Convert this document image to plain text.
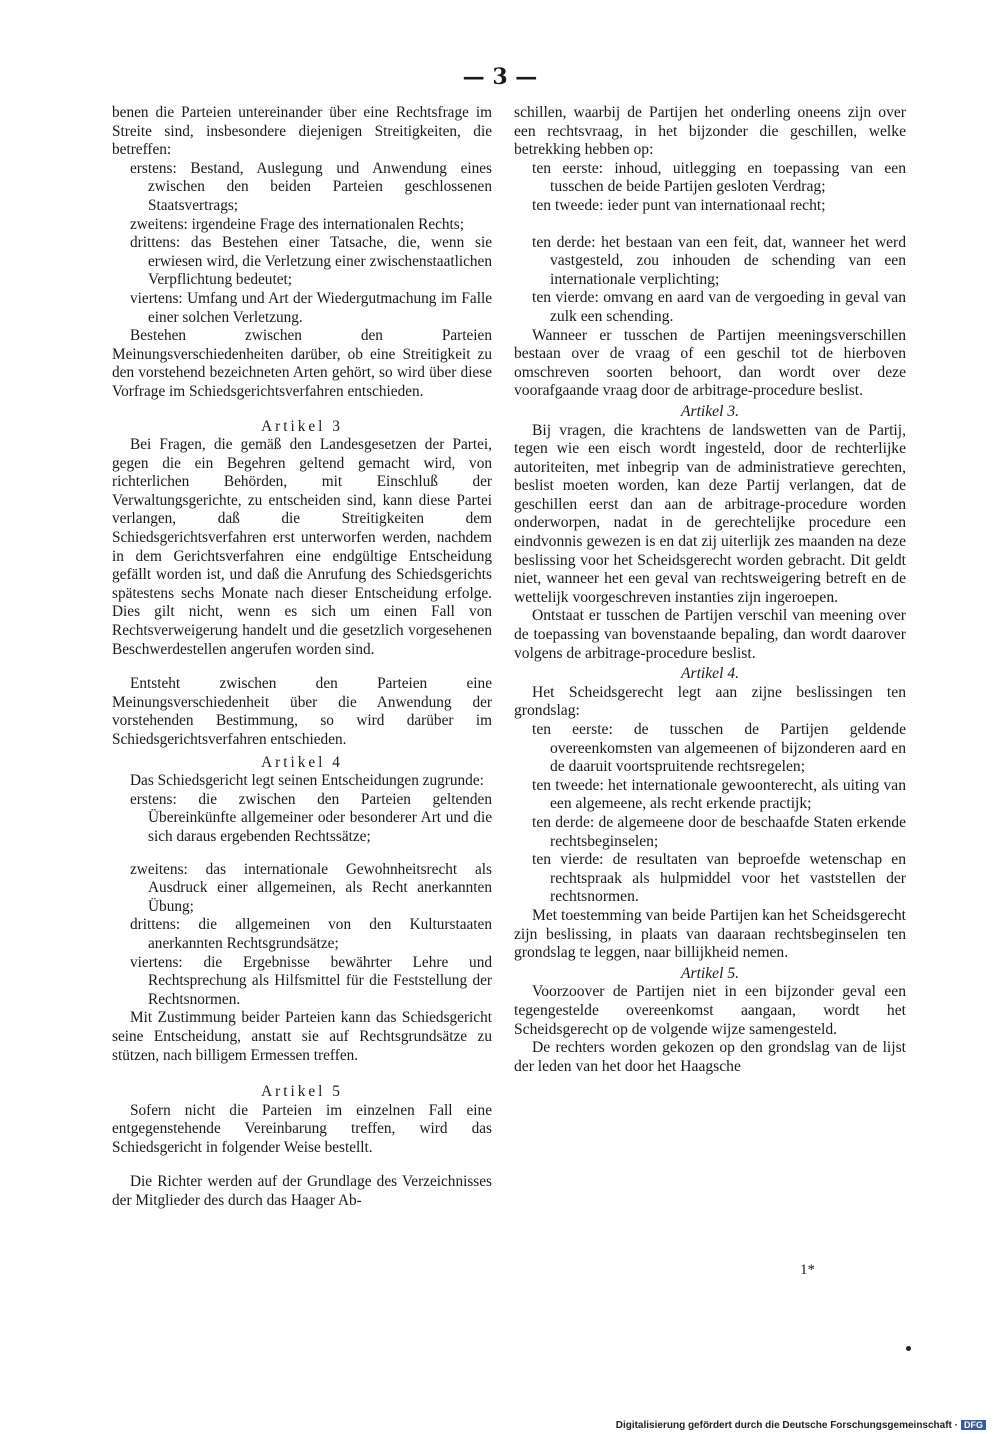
— 3 —

benen die Parteien untereinander über eine Rechtsfrage im Streite sind, insbesondere diejenigen Streitigkeiten, die betreffen:

erstens: Bestand, Auslegung und Anwendung eines zwischen den beiden Parteien geschlossenen Staatsvertrags;

zweitens: irgendeine Frage des internationalen Rechts;

drittens: das Bestehen einer Tatsache, die, wenn sie erwiesen wird, die Verletzung einer zwischenstaatlichen Verpflichtung bedeutet;

viertens: Umfang und Art der Wiedergutmachung im Falle einer solchen Verletzung.

Bestehen zwischen den Parteien Meinungsverschiedenheiten darüber, ob eine Streitigkeit zu den vorstehend bezeichneten Arten gehört, so wird über diese Vorfrage im Schiedsgerichtsverfahren entschieden.

Artikel 3

Bei Fragen, die gemäß den Landesgesetzen der Partei, gegen die ein Begehren geltend gemacht wird, von richterlichen Behörden, mit Einschluß der Verwaltungsgerichte, zu entscheiden sind, kann diese Partei verlangen, daß die Streitigkeiten dem Schiedsgerichtsverfahren erst unterworfen werden, nachdem in dem Gerichtsverfahren eine endgültige Entscheidung gefällt worden ist, und daß die Anrufung des Schiedsgerichts spätestens sechs Monate nach dieser Entscheidung erfolge. Dies gilt nicht, wenn es sich um einen Fall von Rechtsverweigerung handelt und die gesetzlich vorgesehenen Beschwerdestellen angerufen worden sind.

Entsteht zwischen den Parteien eine Meinungsverschiedenheit über die Anwendung der vorstehenden Bestimmung, so wird darüber im Schiedsgerichtsverfahren entschieden.

Artikel 4

Das Schiedsgericht legt seinen Entscheidungen zugrunde:

erstens: die zwischen den Parteien geltenden Übereinkünfte allgemeiner oder besonderer Art und die sich daraus ergebenden Rechtssätze;

zweitens: das internationale Gewohnheitsrecht als Ausdruck einer allgemeinen, als Recht anerkannten Übung;

drittens: die allgemeinen von den Kulturstaaten anerkannten Rechtsgrundsätze;

viertens: die Ergebnisse bewährter Lehre und Rechtsprechung als Hilfsmittel für die Feststellung der Rechtsnormen.

Mit Zustimmung beider Parteien kann das Schiedsgericht seine Entscheidung, anstatt sie auf Rechtsgrundsätze zu stützen, nach billigem Ermessen treffen.

Artikel 5

Sofern nicht die Parteien im einzelnen Fall eine entgegenstehende Vereinbarung treffen, wird das Schiedsgericht in folgender Weise bestellt.

Die Richter werden auf der Grundlage des Verzeichnisses der Mitglieder des durch das Haager Ab-

schillen, waarbij de Partijen het onderling oneens zijn over een rechtsvraag, in het bijzonder die geschillen, welke betrekking hebben op:

ten eerste: inhoud, uitlegging en toepassing van een tusschen de beide Partijen gesloten Verdrag;

ten tweede: ieder punt van internationaal recht;

ten derde: het bestaan van een feit, dat, wanneer het werd vastgesteld, zou inhouden de schending van een internationale verplichting;

ten vierde: omvang en aard van de vergoeding in geval van zulk een schending.

Wanneer er tusschen de Partijen meeningsverschillen bestaan over de vraag of een geschil tot de hierboven omschreven soorten behoort, dan wordt over deze voorafgaande vraag door de arbitrage-procedure beslist.

Artikel 3.

Bij vragen, die krachtens de landswetten van de Partij, tegen wie een eisch wordt ingesteld, door de rechterlijke autoriteiten, met inbegrip van de administratieve gerechten, beslist moeten worden, kan deze Partij verlangen, dat de geschillen eerst dan aan de arbitrage-procedure worden onderworpen, nadat in de gerechtelijke procedure een eindvonnis gewezen is en dat zij uiterlijk zes maanden na deze beslissing voor het Scheidsgerecht worden gebracht. Dit geldt niet, wanneer het een geval van rechtsweigering betreft en de wettelijk voorgeschreven instanties zijn ingeroepen.

Ontstaat er tusschen de Partijen verschil van meening over de toepassing van bovenstaande bepaling, dan wordt daarover volgens de arbitrage-procedure beslist.

Artikel 4.

Het Scheidsgerecht legt aan zijne beslissingen ten grondslag:

ten eerste: de tusschen de Partijen geldende overeenkomsten van algemeenen of bijzonderen aard en de daaruit voortspruitende rechtsregelen;

ten tweede: het internationale gewoonterecht, als uiting van een algemeene, als recht erkende practijk;

ten derde: de algemeene door de beschaafde Staten erkende rechtsbeginselen;

ten vierde: de resultaten van beproefde wetenschap en rechtspraak als hulpmiddel voor het vaststellen der rechtsnormen.

Met toestemming van beide Partijen kan het Scheidsgerecht zijn beslissing, in plaats van daaraan rechtsbeginselen ten grondslag te leggen, naar billijkheid nemen.

Artikel 5.

Voorzoover de Partijen niet in een bijzonder geval een tegengestelde overeenkomst aangaan, wordt het Scheidsgerecht op de volgende wijze samengesteld.

De rechters worden gekozen op den grondslag van de lijst der leden van het door het Haagsche

1*
Digitalisierung gefördert durch die Deutsche Forschungsgemeinschaft · DFG
